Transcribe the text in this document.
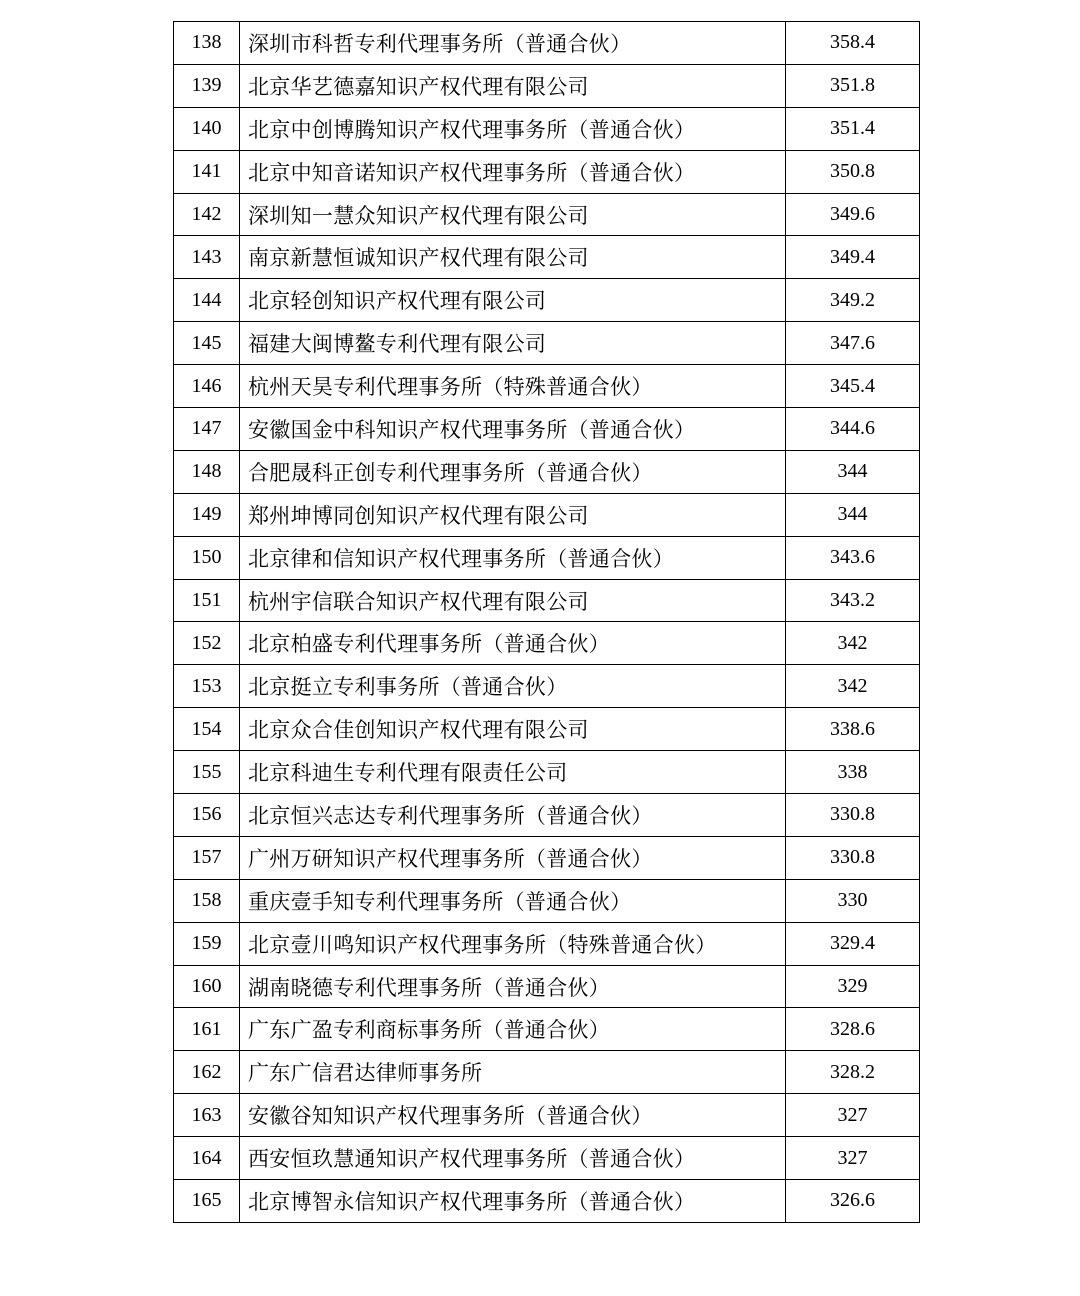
138	深圳市科哲专利代理事务所（普通合伙）	358.4
139	北京华艺德嘉知识产权代理有限公司	351.8
140	北京中创博腾知识产权代理事务所（普通合伙）	351.4
141	北京中知音诺知识产权代理事务所（普通合伙）	350.8
142	深圳知一慧众知识产权代理有限公司	349.6
143	南京新慧恒诚知识产权代理有限公司	349.4
144	北京轻创知识产权代理有限公司	349.2
145	福建大闽博鳌专利代理有限公司	347.6
146	杭州天昊专利代理事务所（特殊普通合伙）	345.4
147	安徽国金中科知识产权代理事务所（普通合伙）	344.6
148	合肥晟科正创专利代理事务所（普通合伙）	344
149	郑州坤博同创知识产权代理有限公司	344
150	北京律和信知识产权代理事务所（普通合伙）	343.6
151	杭州宇信联合知识产权代理有限公司	343.2
152	北京柏盛专利代理事务所（普通合伙）	342
153	北京挺立专利事务所（普通合伙）	342
154	北京众合佳创知识产权代理有限公司	338.6
155	北京科迪生专利代理有限责任公司	338
156	北京恒兴志达专利代理事务所（普通合伙）	330.8
157	广州万研知识产权代理事务所（普通合伙）	330.8
158	重庆壹手知专利代理事务所（普通合伙）	330
159	北京壹川鸣知识产权代理事务所（特殊普通合伙）	329.4
160	湖南晓德专利代理事务所（普通合伙）	329
161	广东广盈专利商标事务所（普通合伙）	328.6
162	广东广信君达律师事务所	328.2
163	安徽谷知知识产权代理事务所（普通合伙）	327
164	西安恒玖慧通知识产权代理事务所（普通合伙）	327
165	北京博智永信知识产权代理事务所（普通合伙）	326.6
